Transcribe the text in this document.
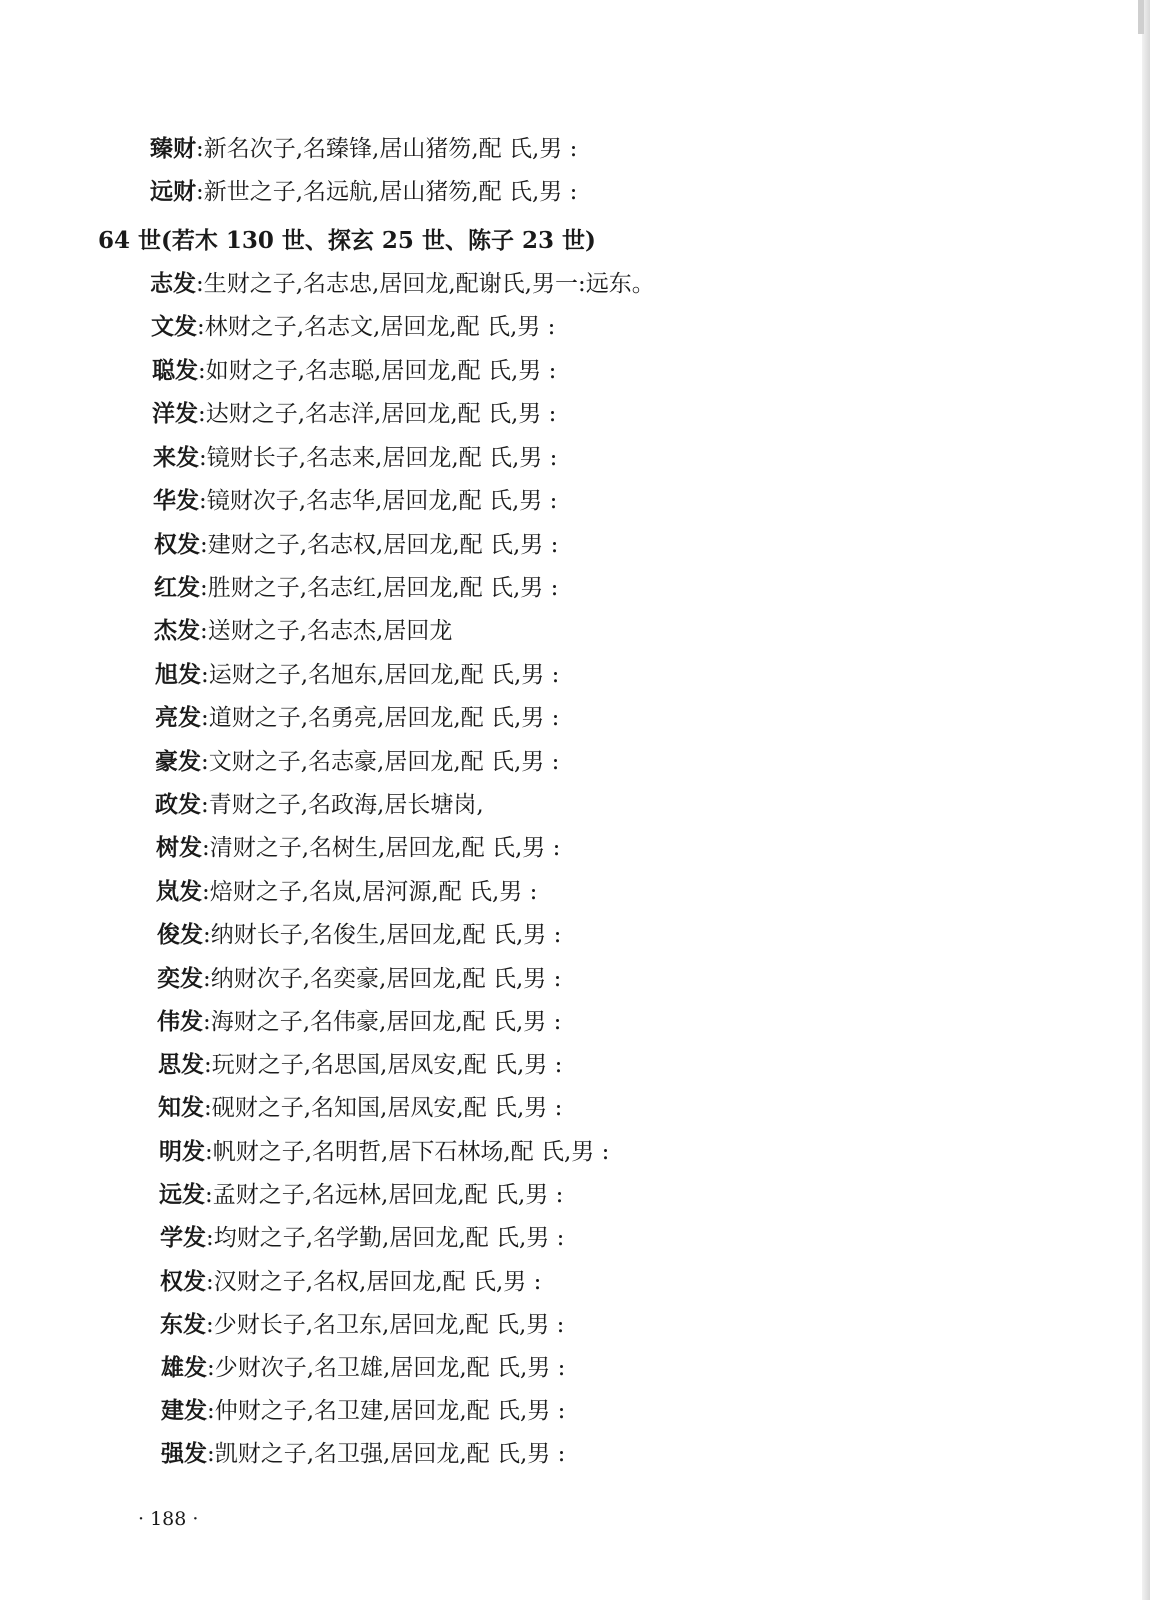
臻财:新名次子,名臻锋,居山猪笏,配 氏,男 :
远财:新世之子,名远航,居山猪笏,配 氏,男 :
64 世(若木 130 世、探玄 25 世、陈子 23 世)
志发:生财之子,名志忠,居回龙,配谢氏,男一:远东。
文发:林财之子,名志文,居回龙,配 氏,男 :
聪发:如财之子,名志聪,居回龙,配 氏,男 :
洋发:达财之子,名志洋,居回龙,配 氏,男 :
来发:镜财长子,名志来,居回龙,配 氏,男 :
华发:镜财次子,名志华,居回龙,配 氏,男 :
权发:建财之子,名志权,居回龙,配 氏,男 :
红发:胜财之子,名志红,居回龙,配 氏,男 :
杰发:送财之子,名志杰,居回龙
旭发:运财之子,名旭东,居回龙,配 氏,男 :
亮发:道财之子,名勇亮,居回龙,配 氏,男 :
豪发:文财之子,名志豪,居回龙,配 氏,男 :
政发:青财之子,名政海,居长塘岗,
树发:清财之子,名树生,居回龙,配 氏,男 :
岚发:焙财之子,名岚,居河源,配 氏,男 :
俊发:纳财长子,名俊生,居回龙,配 氏,男 :
奕发:纳财次子,名奕豪,居回龙,配 氏,男 :
伟发:海财之子,名伟豪,居回龙,配 氏,男 :
思发:玩财之子,名思国,居凤安,配 氏,男 :
知发:砚财之子,名知国,居凤安,配 氏,男 :
明发:帆财之子,名明哲,居下石林场,配 氏,男 :
远发:孟财之子,名远林,居回龙,配 氏,男 :
学发:均财之子,名学勤,居回龙,配 氏,男 :
权发:汉财之子,名权,居回龙,配 氏,男 :
东发:少财长子,名卫东,居回龙,配 氏,男 :
雄发:少财次子,名卫雄,居回龙,配 氏,男 :
建发:仲财之子,名卫建,居回龙,配 氏,男 :
强发:凯财之子,名卫强,居回龙,配 氏,男 :
· 188 ·
